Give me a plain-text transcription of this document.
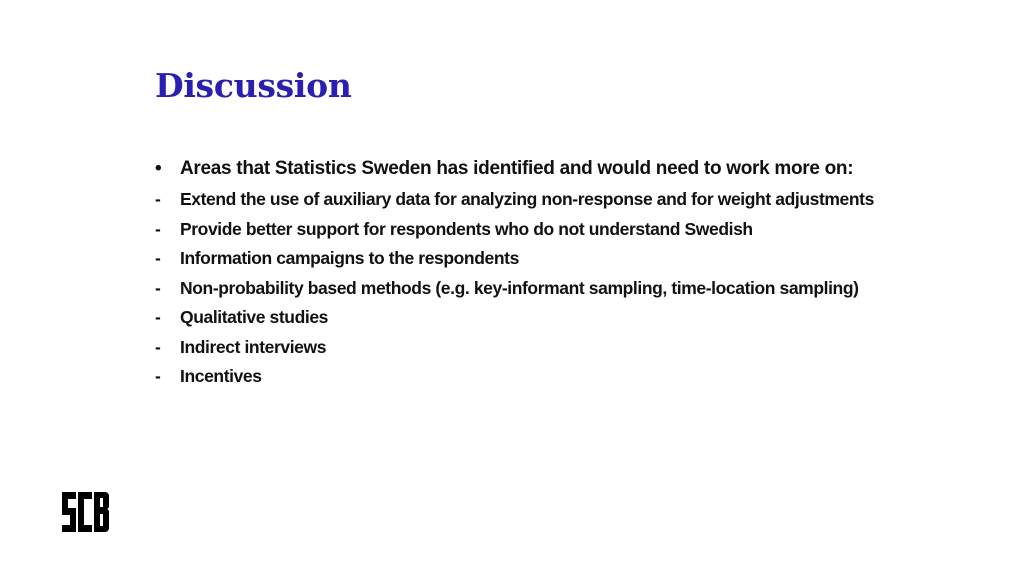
Discussion
• Areas that Statistics Sweden has identified and would need to work more on:
-	Extend the use of auxiliary data for analyzing non-response and for weight adjustments
-	Provide better support for respondents who do not understand Swedish
-	Information campaigns to the respondents
-	Non-probability based methods (e.g. key-informant sampling, time-location sampling)
-	Qualitative studies
-	Indirect interviews
-	Incentives
